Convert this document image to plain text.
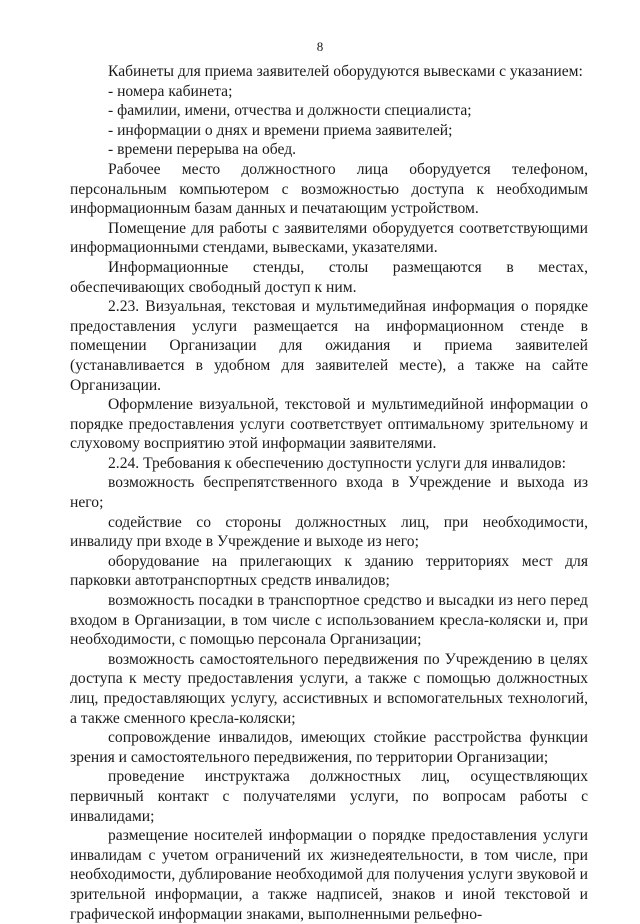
8

Кабинеты для приема заявителей оборудуются вывесками с указанием:

- номера кабинета;

- фамилии, имени, отчества и должности специалиста;

- информации о днях и времени приема заявителей;

- времени перерыва на обед.

Рабочее место должностного лица оборудуется телефоном, персональным компьютером с возможностью доступа к необходимым информационным базам данных и печатающим устройством.

Помещение для работы с заявителями оборудуется соответствующими информационными стендами, вывесками, указателями.

Информационные стенды, столы размещаются в местах, обеспечивающих свободный доступ к ним.

2.23. Визуальная, текстовая и мультимедийная информация о порядке предоставления услуги размещается на информационном стенде в помещении Организации для ожидания и приема заявителей (устанавливается в удобном для заявителей месте), а также на сайте Организации.

Оформление визуальной, текстовой и мультимедийной информации о порядке предоставления услуги соответствует оптимальному зрительному и слуховому восприятию этой информации заявителями.

2.24. Требования к обеспечению доступности услуги для инвалидов:

возможность беспрепятственного входа в Учреждение и выхода из него;

содействие со стороны должностных лиц, при необходимости, инвалиду при входе в Учреждение и выходе из него;

оборудование на прилегающих к зданию территориях мест для парковки автотранспортных средств инвалидов;

возможность посадки в транспортное средство и высадки из него перед входом в Организации, в том числе с использованием кресла-коляски и, при необходимости, с помощью персонала Организации;

возможность самостоятельного передвижения по Учреждению в целях доступа к месту предоставления услуги, а также с помощью должностных лиц, предоставляющих услугу, ассистивных и вспомогательных технологий, а также сменного кресла-коляски;

сопровождение инвалидов, имеющих стойкие расстройства функции зрения и самостоятельного передвижения, по территории Организации;

проведение инструктажа должностных лиц, осуществляющих первичный контакт с получателями услуги, по вопросам работы с инвалидами;

размещение носителей информации о порядке предоставления услуги инвалидам с учетом ограничений их жизнедеятельности, в том числе, при необходимости, дублирование необходимой для получения услуги звуковой и зрительной информации, а также надписей, знаков и иной текстовой и графической информации знаками, выполненными рельефно-
